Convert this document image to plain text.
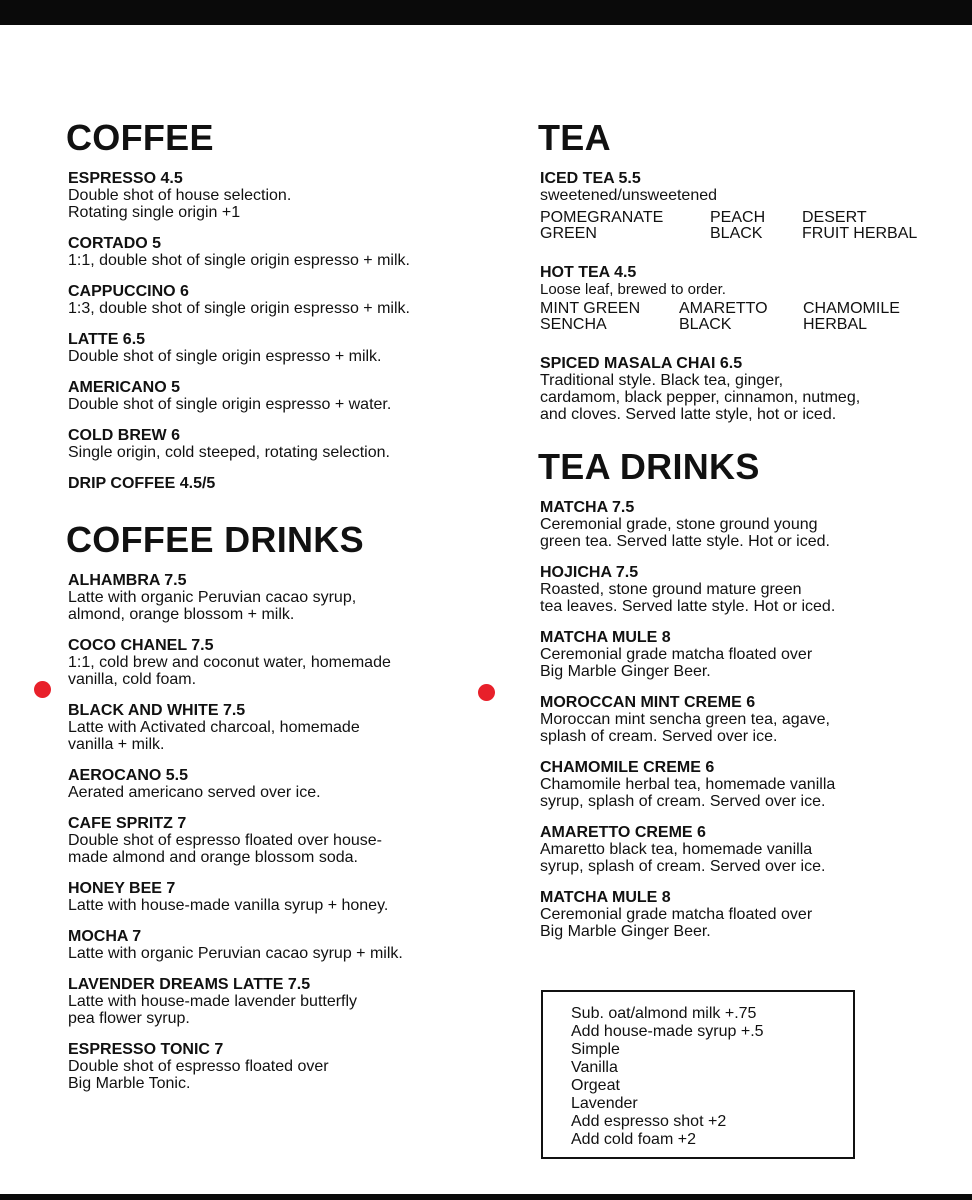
COFFEE
ESPRESSO 4.5
Double shot of house selection.
Rotating single origin +1
CORTADO 5
1:1, double shot of single origin espresso + milk.
CAPPUCCINO 6
1:3, double shot of single origin espresso + milk.
LATTE 6.5
Double shot of single origin espresso + milk.
AMERICANO 5
Double shot of single origin espresso + water.
COLD BREW 6
Single origin, cold steeped, rotating selection.
DRIP COFFEE 4.5/5
COFFEE DRINKS
ALHAMBRA 7.5
Latte with organic Peruvian cacao syrup,
almond, orange blossom + milk.
COCO CHANEL 7.5
1:1, cold brew and coconut water, homemade
vanilla, cold foam.
BLACK AND WHITE 7.5
Latte with Activated charcoal, homemade
vanilla + milk.
AEROCANO 5.5
Aerated americano served over ice.
CAFE SPRITZ 7
Double shot of espresso floated over house-
made almond and orange blossom soda.
HONEY BEE 7
Latte with house-made vanilla syrup + honey.
MOCHA 7
Latte with organic Peruvian cacao syrup + milk.
LAVENDER DREAMS LATTE 7.5
Latte with house-made lavender butterfly
pea flower syrup.
ESPRESSO TONIC 7
Double shot of espresso floated over
Big Marble Tonic.
TEA
ICED TEA 5.5
sweetened/unsweetened
POMEGRANATE
GREEN
PEACH
BLACK
DESERT
FRUIT HERBAL
HOT TEA 4.5
Loose leaf, brewed to order.
MINT GREEN
SENCHA
AMARETTO
BLACK
CHAMOMILE
HERBAL
SPICED MASALA CHAI 6.5
Traditional style. Black tea, ginger,
cardamom, black pepper, cinnamon, nutmeg,
and cloves. Served latte style, hot or iced.
TEA DRINKS
MATCHA 7.5
Ceremonial grade, stone ground young
green tea. Served latte style. Hot or iced.
HOJICHA 7.5
Roasted, stone ground mature green
tea leaves. Served latte style. Hot or iced.
MATCHA MULE 8
Ceremonial grade matcha floated over
Big Marble Ginger Beer.
MOROCCAN MINT CREME 6
Moroccan mint sencha green tea, agave,
splash of cream. Served over ice.
CHAMOMILE CREME 6
Chamomile herbal tea, homemade vanilla
syrup, splash of cream. Served over ice.
AMARETTO CREME 6
Amaretto black tea, homemade vanilla
syrup, splash of cream. Served over ice.
MATCHA MULE 8
Ceremonial grade matcha floated over
Big Marble Ginger Beer.
Sub. oat/almond milk +.75
Add house-made syrup +.5
Simple
Vanilla
Orgeat
Lavender
Add espresso shot +2
Add cold foam +2
